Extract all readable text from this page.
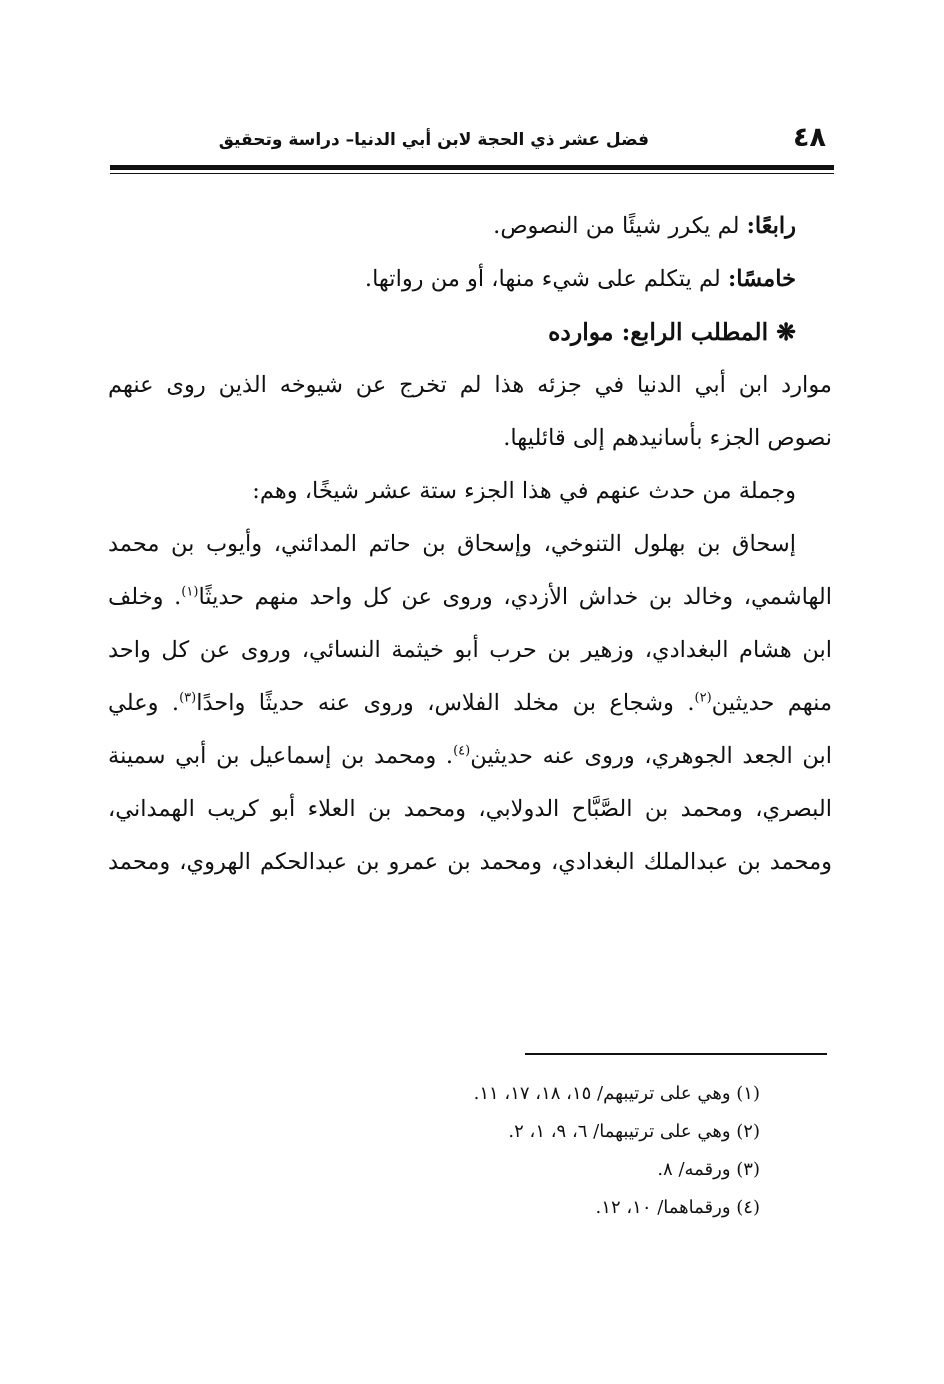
٤٨
فضل عشر ذي الحجة لابن أبي الدنيا– دراسة وتحقيق
رابعًا: لم يكرر شيئًا من النصوص.
خامسًا: لم يتكلم على شيء منها، أو من رواتها.
❋ المطلب الرابع: موارده
موارد ابن أبي الدنيا في جزئه هذا لم تخرج عن شيوخه الذين روى عنهم
نصوص الجزء بأسانيدهم إلى قائليها.
وجملة من حدث عنهم في هذا الجزء ستة عشر شيخًا، وهم:
إسحاق بن بهلول التنوخي، وإسحاق بن حاتم المدائني، وأيوب بن محمد
الهاشمي، وخالد بن خداش الأزدي، وروى عن كل واحد منهم حديثًا$^{(١)}$. وخلف
ابن هشام البغدادي، وزهير بن حرب أبو خيثمة النسائي، وروى عن كل واحد
منهم حديثين$^{(٢)}$. وشجاع بن مخلد الفلاس، وروى عنه حديثًا واحدًا$^{(٣)}$. وعلي
ابن الجعد الجوهري، وروى عنه حديثين$^{(٤)}$. ومحمد بن إسماعيل بن أبي سمينة
البصري، ومحمد بن الصَّبَّاح الدولابي، ومحمد بن العلاء أبو كريب الهمداني،
ومحمد بن عبدالملك البغدادي، ومحمد بن عمرو بن عبدالحكم الهروي، ومحمد
(١) وهي على ترتيبهم/ ١٥، ١٨، ١٧، ١١.
(٢) وهي على ترتيبهما/ ٦، ٩، ١، ٢.
(٣) ورقمه/ ٨.
(٤) ورقماهما/ ١٠، ١٢.
